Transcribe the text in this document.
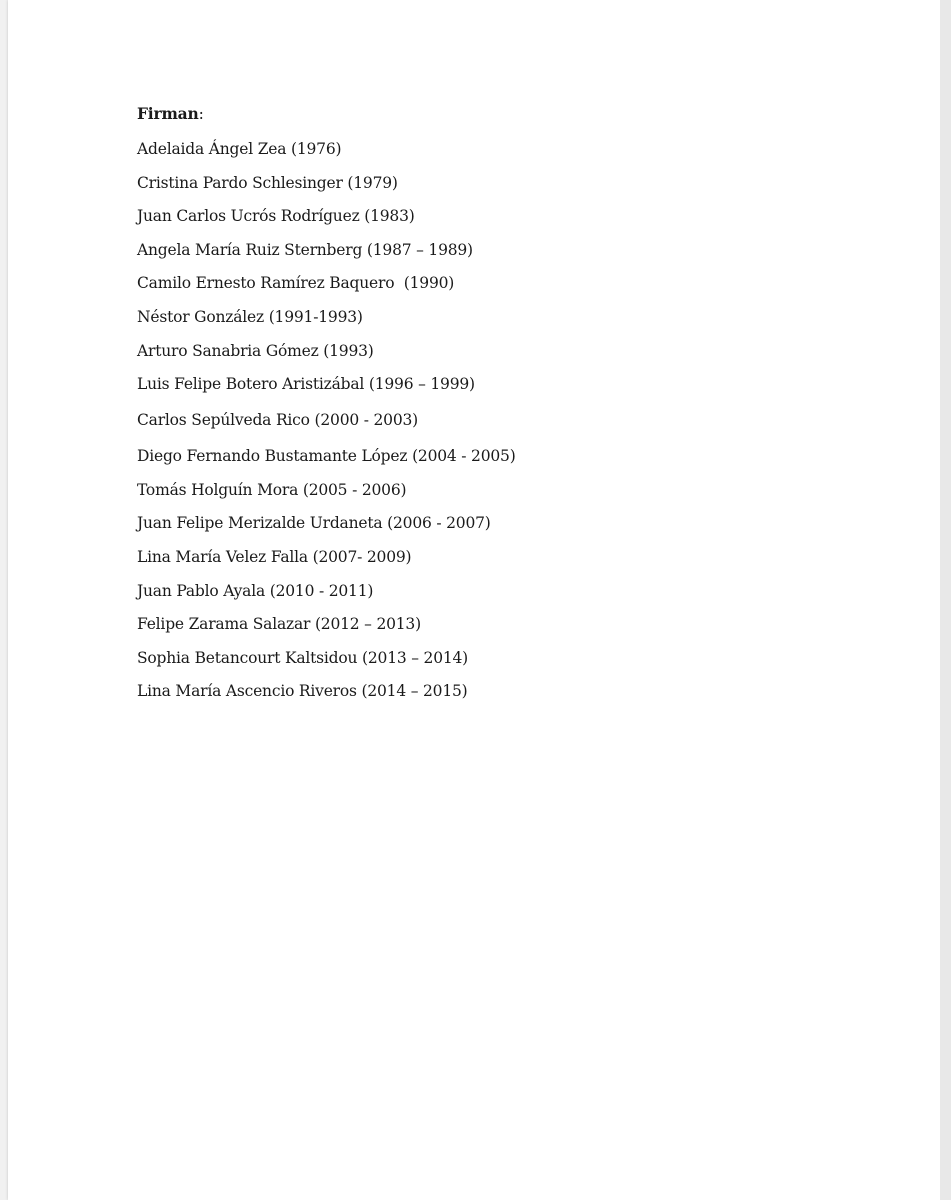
Firman:
Adelaida Ángel Zea (1976)
Cristina Pardo Schlesinger (1979)
Juan Carlos Ucrós Rodríguez (1983)
Angela María Ruiz Sternberg (1987 – 1989)
Camilo Ernesto Ramírez Baquero  (1990)
Néstor González (1991-1993)
Arturo Sanabria Gómez (1993)
Luis Felipe Botero Aristizábal (1996 – 1999)
Carlos Sepúlveda Rico (2000 - 2003)
Diego Fernando Bustamante López (2004 - 2005)
Tomás Holguín Mora (2005 - 2006)
Juan Felipe Merizalde Urdaneta (2006 - 2007)
Lina María Velez Falla (2007- 2009)
Juan Pablo Ayala (2010 - 2011)
Felipe Zarama Salazar (2012 – 2013)
Sophia Betancourt Kaltsidou (2013 – 2014)
Lina María Ascencio Riveros (2014 – 2015)
